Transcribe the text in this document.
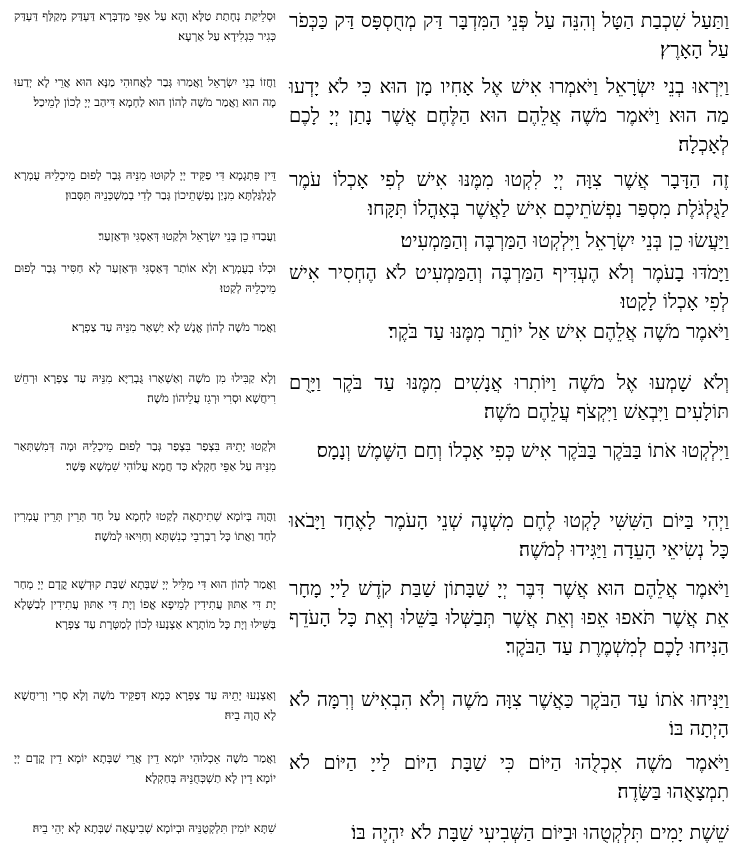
וַתַּעַל שִׁכְבַת הַטָּל וְהִנֵּה עַל פְּנֵי הַמִּדְבָּר דַּק מְחֻסְפָּס דַּק כַּכְּפֹר עַל הָאָרֶץ׃
וּסְלֵיקַת נְחָתַת טַלָּא וְהָא עַל אַפֵּי מַדְבְּרָא דַּעְדַּק מְקַלַּף דַּעְדַּק כְּגִיר כִּגְלִידָא עַל אַרְעָא׃
וַיִּרְאוּ בְנֵי יִשְׂרָאֵל וַיֹּאמְרוּ אִישׁ אֶל אָחִיו מָן הוּא כִּי לֹא יָדְעוּ מַה הוּא וַיֹּאמֶר מֹשֶׁה אֲלֵהֶם הוּא הַלֶּחֶם אֲשֶׁר נָתַן יְיָ לָכֶם לְאָכְלָה׃
וַחֲזוֹ בְנֵי יִשְׂרָאֵל וַאֲמַרוּ גְּבַר לַאֲחוּהִי מַנָּא הוּא אֲרֵי לָא יְדַעוּ מָה הוּא וַאֲמַר מֹשֶׁה לְהוֹן הוּא לַחְמָא דִּיהַב יְיָ לְכוֹן לְמֵיכַל׃
זֶה הַדָּבָר אֲשֶׁר צִוָּה יְיָ לִקְטוּ מִמֶּנּוּ אִישׁ לְפִי אָכְלוֹ עֹמֶר לַגֻּלְגֹּלֶת מִסְפַּר נַפְשֹׁתֵיכֶם אִישׁ לַאֲשֶׁר בְּאָהֳלוֹ תִּקָּחוּ׃
דֵּין פִּתְגָמָא דִּי פַקֵּיד יְיָ לְקוּטוּ מִנֵּיהּ גְּבַר לְפוּם מֵיכְלֵיהּ עֻמְרָא לְגֻלְגַּלְתָּא מִנְיַן נַפְשָׁתֵיכוֹן גְּבַר לְדִי בְמַשְׁכְּנֵיהּ תִּסְּבוּן׃
וַיַּעֲשׂוּ כֵן בְּנֵי יִשְׂרָאֵל וַיִּלְקְטוּ הַמַּרְבֶּה וְהַמַּמְעִיט׃
וַעֲבַדוּ כֵן בְּנֵי יִשְׂרָאֵל וּלְקַטוּ דְּאַסְגִּי וּדְאַזְעַר׃
וַיָּמֹדּוּ בָעֹמֶר וְלֹא הֶעְדִּיף הַמַּרְבֶּה וְהַמַּמְעִיט לֹא הֶחְסִיר אִישׁ לְפִי אָכְלוֹ לָקָטוּ׃
וּכְלוּ בְעֻמְרָא וְלָא אוֹתַר דְּאַסְגִּי וּדְאַזְעַר לָא חַסִּיר גְּבַר לְפוּם מֵיכְלֵיהּ לְקַטוּ׃
וַיֹּאמֶר מֹשֶׁה אֲלֵהֶם אִישׁ אַל יוֹתֵר מִמֶּנּוּ עַד בֹּקֶר׃
וַאֲמַר מֹשֶׁה לְהוֹן אֱנָשׁ לָא יַשְׁאַר מִנֵּיהּ עַד צַפְרָא׃
וְלֹא שָׁמְעוּ אֶל מֹשֶׁה וַיּוֹתִרוּ אֲנָשִׁים מִמֶּנּוּ עַד בֹּקֶר וַיָּרֻם תּוֹלָעִים וַיִּבְאַשׁ וַיִּקְצֹף עֲלֵהֶם מֹשֶׁה׃
וְלָא קַבִּילוּ מִן מֹשֶׁה וְאַשְׁאַרוּ גֻּבְרַיָּא מִנֵּיהּ עַד צַפְרָא וּרְחֵשׁ רִיחֲשָׁא וּסְרִי וּרְגֵז עֲלֵיהוֹן מֹשֶׁה׃
וַיִּלְקְטוּ אֹתוֹ בַּבֹּקֶר בַּבֹּקֶר אִישׁ כְּפִי אָכְלוֹ וְחַם הַשֶּׁמֶשׁ וְנָמָס׃
וּלְקַטוּ יָתֵיהּ בִּצְפַר בִּצְפַר גְּבַר לְפוּם מֵיכְלֵיהּ וּמָה דְּמִשְׁתְּאַר מִנֵּיהּ עַל אַפֵּי חַקְלָא כַּד חֲמָא עֲלוֹהִי שִׁמְשָׁא פָּשַׁר׃
וַיְהִי בַּיּוֹם הַשִּׁשִּׁי לָקְטוּ לֶחֶם מִשְׁנֶה שְׁנֵי הָעֹמֶר לָאֶחָד וַיָּבֹאוּ כָּל נְשִׂיאֵי הָעֵדָה וַיַּגִּידוּ לְמֹשֶׁה׃
וַהֲוָה בְּיוֹמָא שְׁתִיתָאָה לְקַטוּ לַחְמָא עַל חַד תְּרֵין תְּרֵין עֻמְרִין לְחַד וַאֲתוֹ כָּל רַבְרְבֵי כְנִשְׁתָּא וְחַוִּיאוּ לְמֹשֶׁה׃
וַיֹּאמֶר אֲלֵהֶם הוּא אֲשֶׁר דִּבֶּר יְיָ שַׁבָּתוֹן שַׁבַּת קֹדֶשׁ לַייָ מָחָר אֵת אֲשֶׁר תֹּאפוּ אֵפוּ וְאֵת אֲשֶׁר תְּבַשְּׁלוּ בַּשֵּׁלוּ וְאֵת כָּל הָעֹדֵף הַנִּיחוּ לָכֶם לְמִשְׁמֶרֶת עַד הַבֹּקֶר׃
וַאֲמַר לְהוֹן הוּא דִּי מַלֵּיל יְיָ שַׁבְּתָא שַׁבַּת קוּדְשָׁא קֳדָם יְיָ מְחַר יָת דִּי אַתּוּן עֲתִידִין לְמֵיפָא אֱפוֹ וְיָת דִּי אַתּוּן עֲתִידִין לְבַשָּׁלָא בַּשִּׁילוּ וְיָת כָּל מוֹתָרָא אַצְנָעוּ לְכוֹן לְמַטְּרָת עַד צַפְרָא׃
וַיַּנִּיחוּ אֹתוֹ עַד הַבֹּקֶר כַּאֲשֶׁר צִוָּה מֹשֶׁה וְלֹא הִבְאִישׁ וְרִמָּה לֹא הָיְתָה בּוֹ׃
וְאַצְנַעוּ יָתֵיהּ עַד צַפְרָא כְּמָא דְּפַקֵּיד מֹשֶׁה וְלָא סְרִי וְרִיחֲשָׁא לָא הֲוָה בֵיהּ׃
וַיֹּאמֶר מֹשֶׁה אִכְלֻהוּ הַיּוֹם כִּי שַׁבָּת הַיּוֹם לַייָ הַיּוֹם לֹא תִמְצָאֻהוּ בַּשָּׂדֶה׃
וַאֲמַר מֹשֶׁה אֵכְלוּהִי יוֹמָא דֵין אֲרֵי שַׁבְּתָא יוֹמָא דֵין קֳדָם יְיָ יוֹמָא דֵין לָא תַשְׁכְּחֻנֵּיהּ בְּחַקְלָא׃
שֵׁשֶׁת יָמִים תִּלְקְטֻהוּ וּבַיּוֹם הַשְּׁבִיעִי שַׁבָּת לֹא יִהְיֶה בּוֹ׃
שִׁתָּא יוֹמִין תִּלְקְטֻנֵּיהּ וּבְיוֹמָא שְׁבִיעָאָה שַׁבְּתָא לָא יְהֵי בֵיהּ׃
